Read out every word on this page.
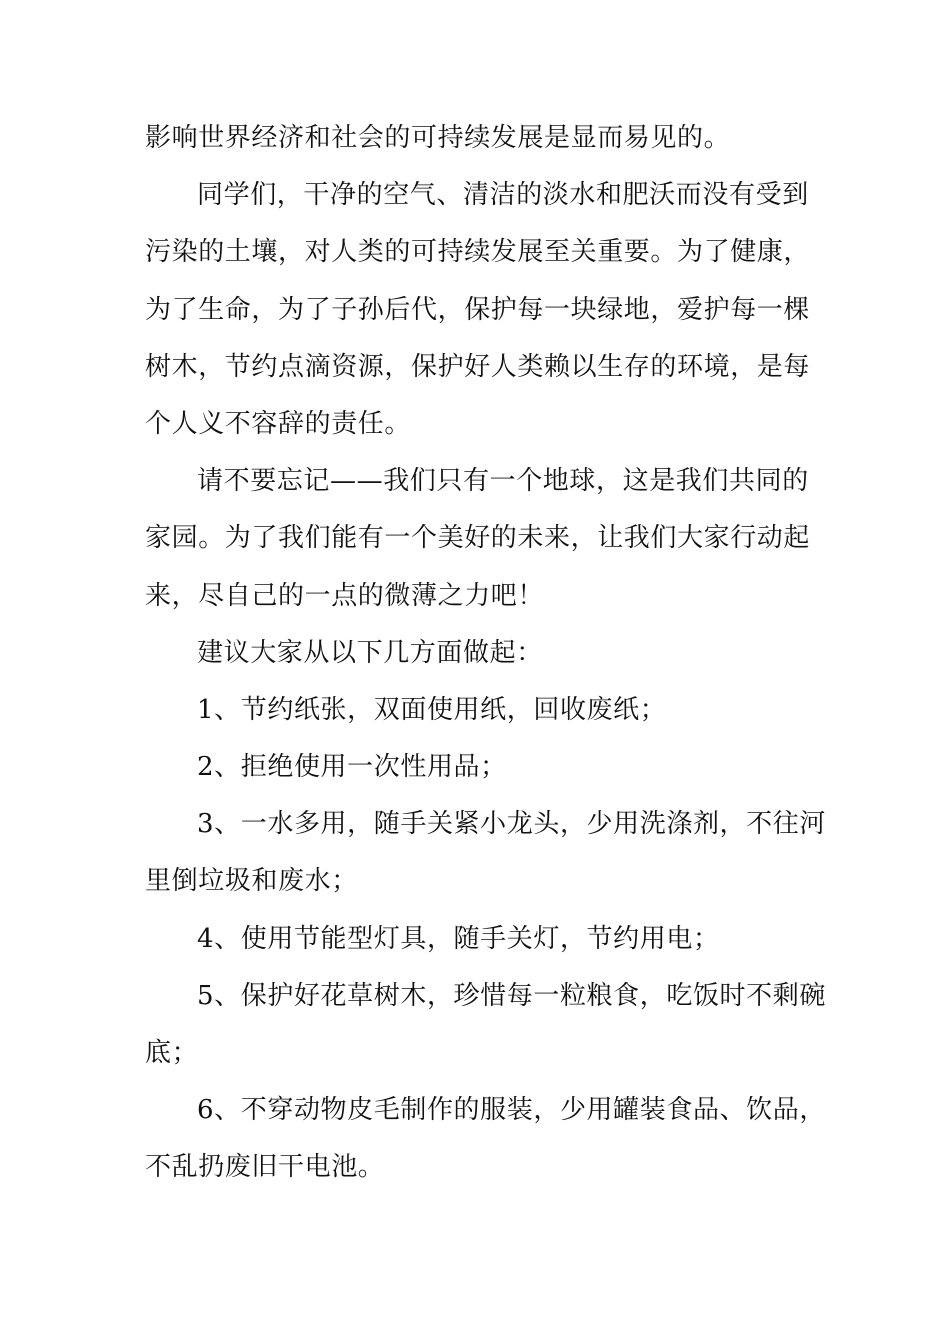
影响世界经济和社会的可持续发展是显而易见的。
同学们，干净的空气、清洁的淡水和肥沃而没有受到
污染的土壤，对人类的可持续发展至关重要。为了健康，
为了生命，为了子孙后代，保护每一块绿地，爱护每一棵
树木，节约点滴资源，保护好人类赖以生存的环境，是每
个人义不容辞的责任。
请不要忘记——我们只有一个地球，这是我们共同的
家园。为了我们能有一个美好的未来，让我们大家行动起
来，尽自己的一点的微薄之力吧！
建议大家从以下几方面做起：
1、节约纸张，双面使用纸，回收废纸；
2、拒绝使用一次性用品；
3、一水多用，随手关紧小龙头，少用洗涤剂，不往河
里倒垃圾和废水；
4、使用节能型灯具，随手关灯，节约用电；
5、保护好花草树木，珍惜每一粒粮食，吃饭时不剩碗
底；
6、不穿动物皮毛制作的服装，少用罐装食品、饮品，
不乱扔废旧干电池。
